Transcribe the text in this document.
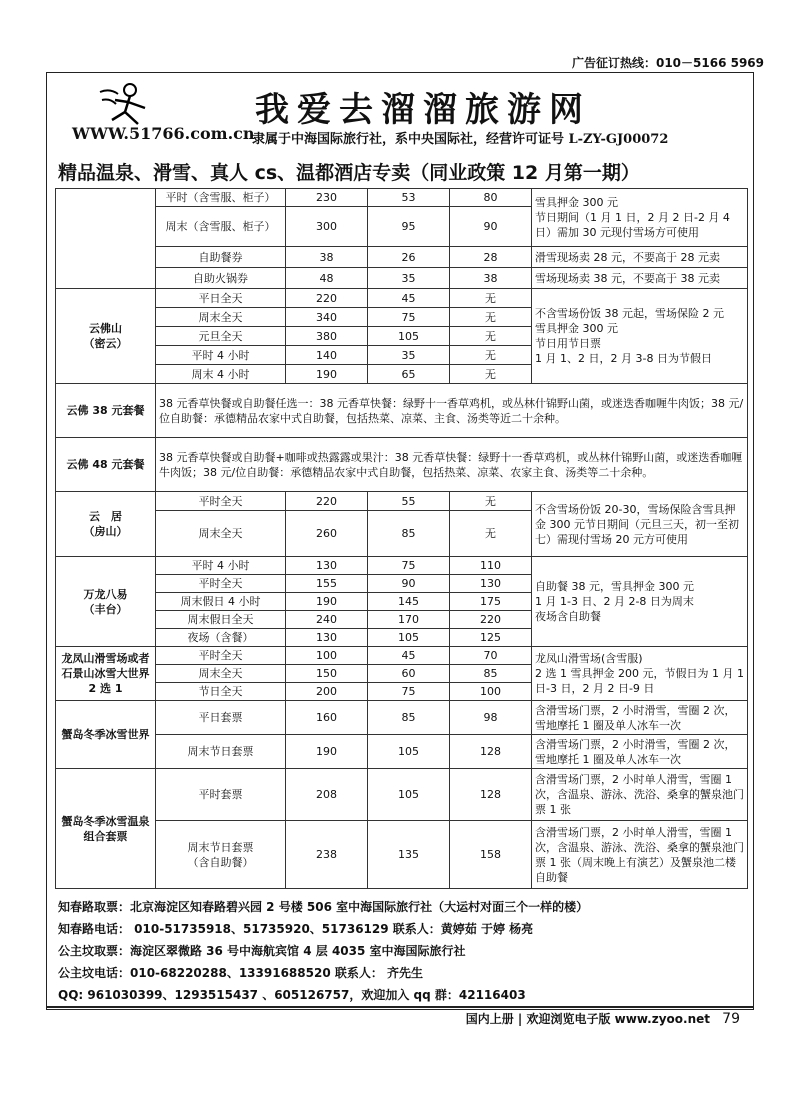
广告征订热线：010－5166 5969
WWW.51766.com.cn
我爱去溜溜旅游网
隶属于中海国际旅行社，系中央国际社，经营许可证号 L-ZY-GJ00072
精品温泉、滑雪、真人 cs、温都酒店专卖（同业政策 12 月第一期）
	平时（含雪服、柜子）	230	53	80	雪具押金 300 元
节日期间（1 月 1 日，2 月 2 日-2 月 4 日）需加 30 元现付雪场方可使用
	周末（含雪服、柜子）	300	95	90	
	自助餐券	38	26	28	滑雪现场卖 28 元，不要高于 28 元卖
	自助火锅券	48	35	38	雪场现场卖 38 元，不要高于 38 元卖
云佛山
（密云）	平日全天	220	45	无	不含雪场份饭 38 元起，雪场保险 2 元
雪具押金 300 元
节日用节日票
1 月 1、2 日，2 月 3-8 日为节假日
	周末全天	340	75	无	
	元旦全天	380	105	无	
	平时 4 小时	140	35	无	
	周末 4 小时	190	65	无	
云佛 38 元套餐	38 元香草快餐或自助餐任选一：38 元香草快餐：绿野十一香草鸡机，或丛林什锦野山菌，或迷迭香咖喱牛肉饭；38 元/位自助餐：承德精品农家中式自助餐，包括热菜、凉菜、主食、汤类等近二十余种。				
云佛 48 元套餐	38 元香草快餐或自助餐+咖啡或热露露或果汁：38 元香草快餐：绿野十一香草鸡机，或丛林什锦野山菌，或迷迭香咖喱牛肉饭；38 元/位自助餐：承德精品农家中式自助餐，包括热菜、凉菜、农家主食、汤类等二十余种。				
云　居
（房山）	平时全天	220	55	无	不含雪场份饭 20-30，雪场保险含雪具押金 300 元节日期间（元旦三天，初一至初七）需现付雪场 20 元方可使用
	周末全天	260	85	无	
万龙八易
（丰台）	平时 4 小时	130	75	110	自助餐 38 元，雪具押金 300 元
1 月 1-3 日、2 月 2-8 日为周末
夜场含自助餐
	平时全天	155	90	130	
	周末假日 4 小时	190	145	175	
	周末假日全天	240	170	220	
	夜场（含餐）	130	105	125	
龙凤山滑雪场或者石景山冰雪大世界 2 选 1	平时全天	100	45	70	龙凤山滑雪场(含雪服)
2 选 1 雪具押金 200 元，节假日为 1 月 1 日-3 日，2 月 2 日-9 日
	周末全天	150	60	85	
	节日全天	200	75	100	
蟹岛冬季冰雪世界	平日套票	160	85	98	含滑雪场门票，2 小时滑雪，雪圈 2 次，雪地摩托 1 圈及单人冰车一次
	周末节日套票	190	105	128	含滑雪场门票，2 小时滑雪，雪圈 2 次，雪地摩托 1 圈及单人冰车一次
蟹岛冬季冰雪温泉组合套票	平时套票	208	105	128	含滑雪场门票，2 小时单人滑雪，雪圈 1 次，含温泉、游泳、洗浴、桑拿的蟹泉池门票 1 张
	周末节日套票
（含自助餐）	238	135	158	含滑雪场门票，2 小时单人滑雪，雪圈 1 次，含温泉、游泳、洗浴、桑拿的蟹泉池门票 1 张（周末晚上有演艺）及蟹泉池二楼自助餐
知春路取票：北京海淀区知春路碧兴园 2 号楼 506 室中海国际旅行社（大运村对面三个一样的楼）
知春路电话： 010-51735918、51735920、51736129 联系人：黄婷茹 于婷 杨亮
公主坟取票：海淀区翠微路 36 号中海航宾馆 4 层 4035 室中海国际旅行社
公主坟电话：010-68220288、13391688520 联系人： 齐先生
QQ: 961030399、1293515437 、605126757，欢迎加入 qq 群：42116403
国内上册 | 欢迎浏览电子版 www.zyoo.net 79
